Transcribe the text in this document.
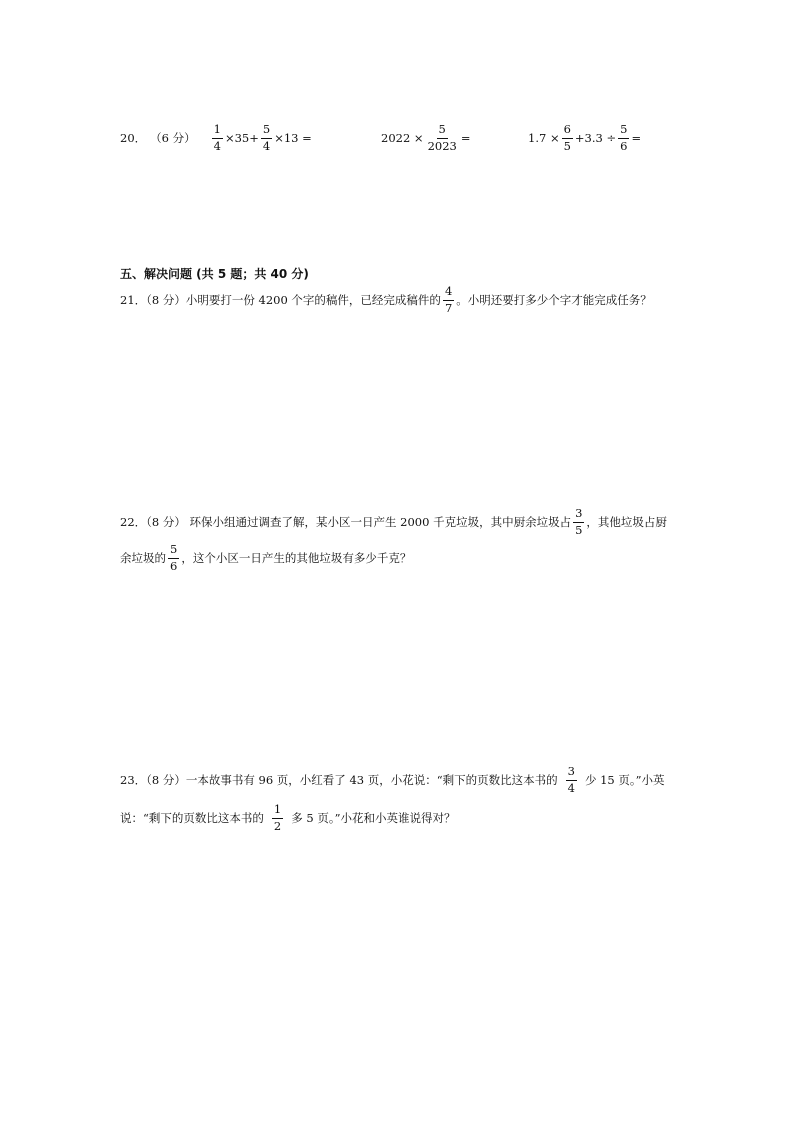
20． （6 分） $\frac{1}{4} \times 35+ \frac{5}{4} \times 13$ =	$2022 \times \frac{5}{2023}$ =	$1.7 \times \frac{6}{5} +3.3 \div \frac{5}{6}$ =
五、解决问题 (共 5 题；共 40 分)
21．（8 分）小明要打一份 4200 个字的稿件，已经完成稿件的 $\frac{4}{7}$ 。小明还要打多少个字才能完成任务？
22．（8 分） 环保小组通过调查了解，某小区一日产生 2000 千克垃圾，其中厨余垃圾占 $\frac{3}{5}$ ，其他垃圾占厨
余垃圾的 $\frac{5}{6}$ ，这个小区一日产生的其他垃圾有多少千克？
23．（8 分）一本故事书有 96 页，小红看了 43 页，小花说：“剩下的页数比这本书的 $\frac{3}{4}$ 少 15 页。”小英
说：“剩下的页数比这本书的 $\frac{1}{2}$ 多 5 页。”小花和小英谁说得对？
